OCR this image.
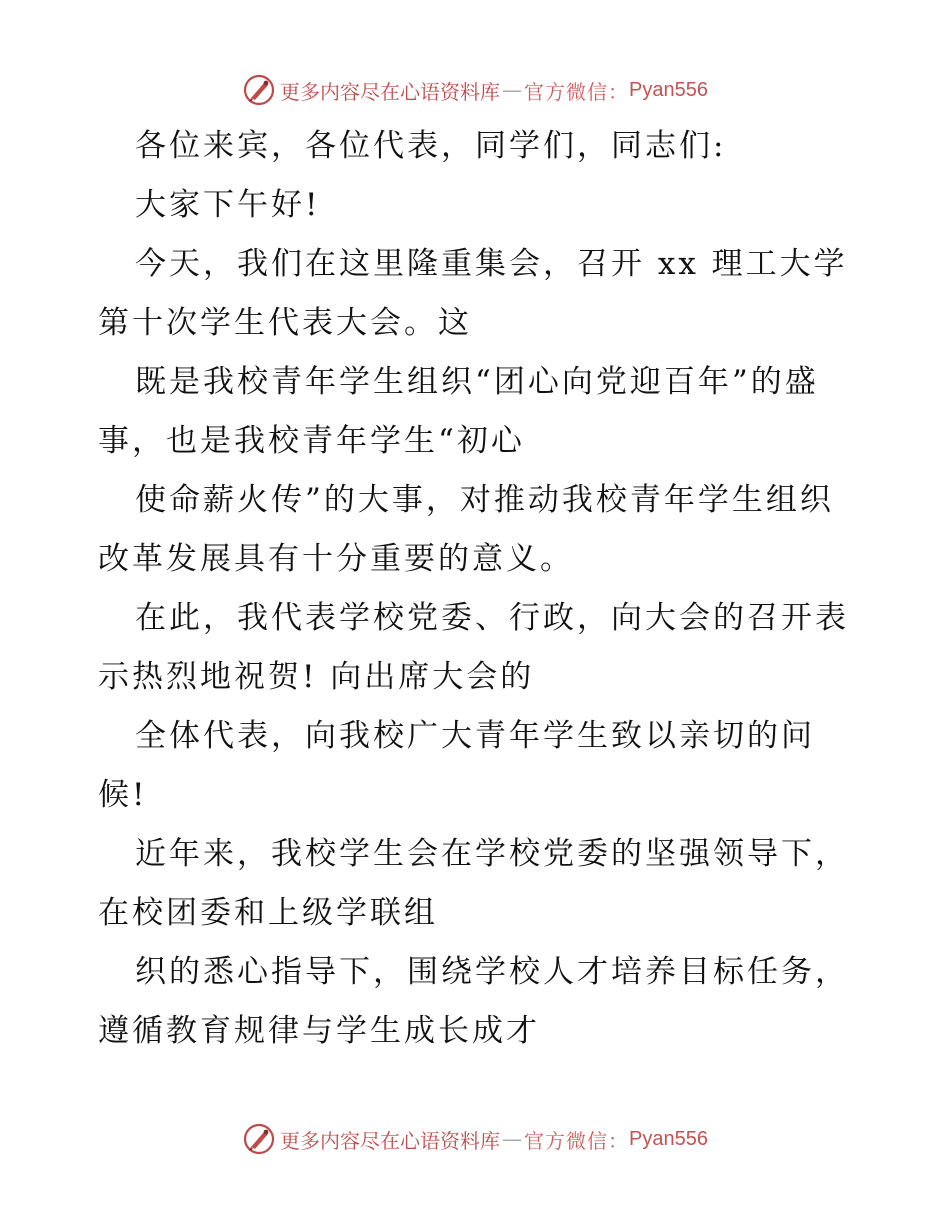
更多内容尽在心语资料库 — 官方微信： Pyan556
各位来宾，各位代表，同学们，同志们:
大家下午好!
今天，我们在这里隆重集会，召开 xx 理工大学
第十次学生代表大会。这
既是我校青年学生组织“团心向党迎百年”的盛
事，也是我校青年学生“初心
使命薪火传”的大事，对推动我校青年学生组织
改革发展具有十分重要的意义。
在此，我代表学校党委、行政，向大会的召开表
示热烈地祝贺! 向出席大会的
全体代表，向我校广大青年学生致以亲切的问
候!
近年来，我校学生会在学校党委的坚强领导下，
在校团委和上级学联组
织的悉心指导下，围绕学校人才培养目标任务，
遵循教育规律与学生成长成才
更多内容尽在心语资料库 — 官方微信： Pyan556
